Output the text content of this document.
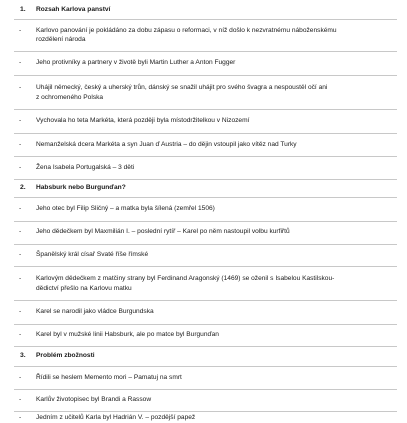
1. Rozsah Karlova panství
- Karlovo panování je pokládáno za dobu zápasu o reformaci, v níž došlo k nezvratnému náboženskému
rozdělení národa
- Jeho protivníky a partnery v životě byli Martin Luther a Anton Fugger
- Uhájil německý, český a uherský trůn, dánský se snažil uhájit pro svého švagra a nespoustěl očí ani
z ochromeného Polska
- Vychovala ho teta Markéta, která později byla místodržitelkou v Nizozemí
- Nemanželská dcera Markéta a syn Juan ď Austria – do dějin vstoupil jako vítěz nad Turky
- Žena Isabela Portugalská – 3 děti
2. Habsburk nebo Burgunďan?
- Jeho otec byl Filip Sličný – a matka byla šílená (zemřel 1506)
- Jeho dědečkem byl Maxmilián I. – poslední rytíř – Karel po něm nastoupil volbu kurfiřtů
- Španělský král císař Svaté říše římské
- Karlovým dědečkem z matčiny strany byl Ferdinand Aragonský (1469) se oženil s Isabelou Kastilskou-
dědictví přešlo na Karlovu matku
- Karel se narodil jako vládce Burgundska
- Karel byl v mužské linii Habsburk, ale po matce byl Burgunďan
3. Problém zbožnosti
- Řídili se heslem Memento mori – Pamatuj na smrt
- Karlův životopisec byl Brandi a Rassow
- Jedním z učitelů Karla byl Hadrián V. – pozdější papež
